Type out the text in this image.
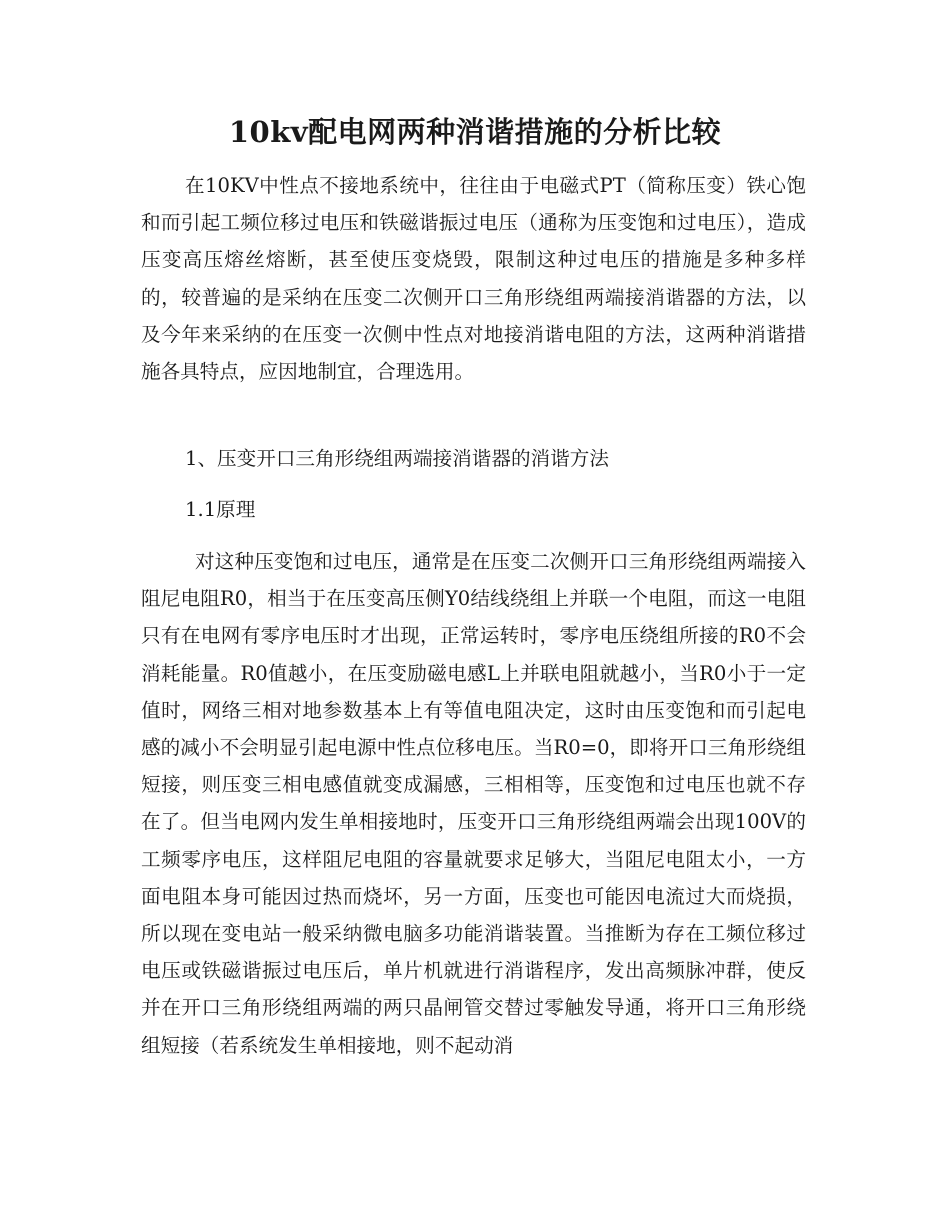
10kv配电网两种消谐措施的分析比较

在10KV中性点不接地系统中，往往由于电磁式PT（简称压变）铁心饱和而引起工频位移过电压和铁磁谐振过电压（通称为压变饱和过电压），造成压变高压熔丝熔断，甚至使压变烧毁，限制这种过电压的措施是多种多样的，较普遍的是采纳在压变二次侧开口三角形绕组两端接消谐器的方法，以及今年来采纳的在压变一次侧中性点对地接消谐电阻的方法，这两种消谐措施各具特点，应因地制宜，合理选用。

1、压变开口三角形绕组两端接消谐器的消谐方法

1.1原理

对这种压变饱和过电压，通常是在压变二次侧开口三角形绕组两端接入阻尼电阻R0，相当于在压变高压侧Y0结线绕组上并联一个电阻，而这一电阻只有在电网有零序电压时才出现，正常运转时，零序电压绕组所接的R0不会消耗能量。R0值越小，在压变励磁电感L上并联电阻就越小，当R0小于一定值时，网络三相对地参数基本上有等值电阻决定，这时由压变饱和而引起电感的减小不会明显引起电源中性点位移电压。当R0=0，即将开口三角形绕组短接，则压变三相电感值就变成漏感，三相相等，压变饱和过电压也就不存在了。但当电网内发生单相接地时，压变开口三角形绕组两端会出现100V的工频零序电压，这样阻尼电阻的容量就要求足够大，当阻尼电阻太小，一方面电阻本身可能因过热而烧坏，另一方面，压变也可能因电流过大而烧损，所以现在变电站一般采纳微电脑多功能消谐装置。当推断为存在工频位移过电压或铁磁谐振过电压后，单片机就进行消谐程序，发出高频脉冲群，使反并在开口三角形绕组两端的两只晶闸管交替过零触发导通，将开口三角形绕组短接（若系统发生单相接地，则不起动消
